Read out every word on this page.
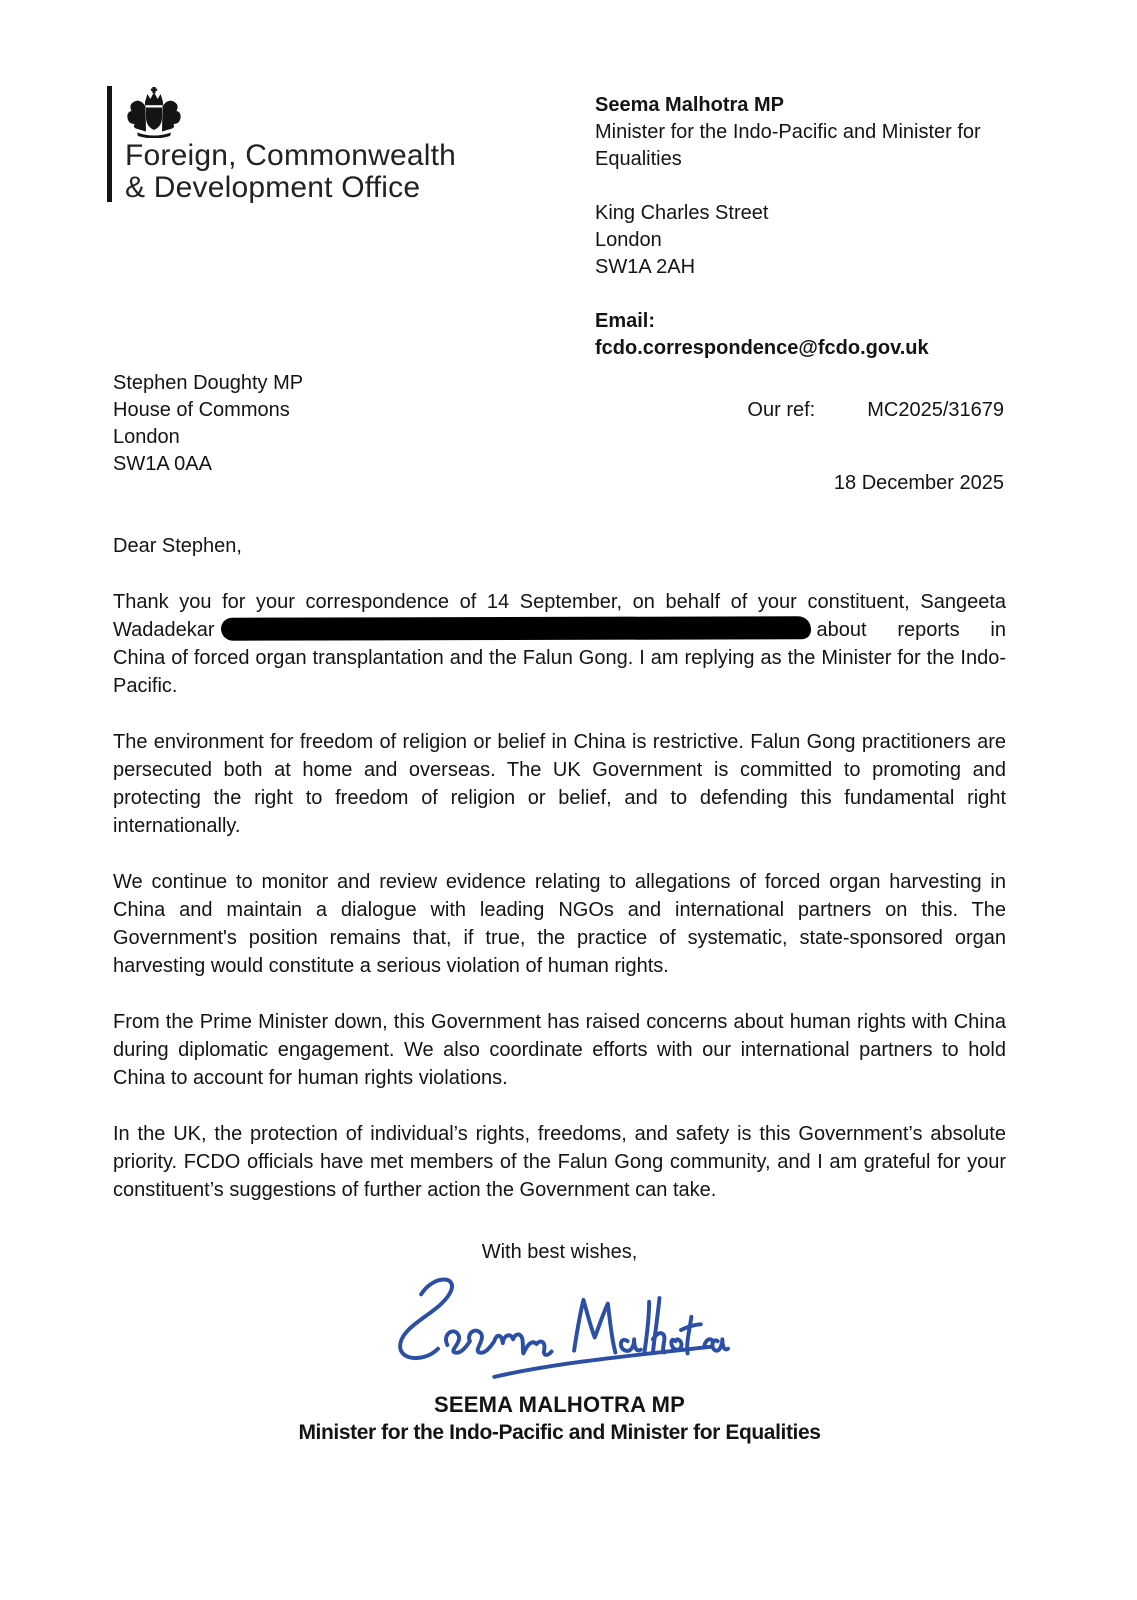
Foreign, Commonwealth
& Development Office
Seema Malhotra MP
Minister for the Indo-Pacific and Minister for Equalities
King Charles Street
London
SW1A 2AH
Email:
fcdo.correspondence@fcdo.gov.uk
Stephen Doughty MP
House of Commons
London
SW1A 0AA
Our ref:	MC2025/31679
18 December 2025
Dear Stephen,

Thank you for your correspondence of 14 September, on behalf of your constituent, Sangeeta Wadadekar	about reports in China of forced organ transplantation and the Falun Gong. I am replying as the Minister for the Indo-Pacific.

The environment for freedom of religion or belief in China is restrictive. Falun Gong practitioners are persecuted both at home and overseas. The UK Government is committed to promoting and protecting the right to freedom of religion or belief, and to defending this fundamental right internationally.

We continue to monitor and review evidence relating to allegations of forced organ harvesting in China and maintain a dialogue with leading NGOs and international partners on this. The Government's position remains that, if true, the practice of systematic, state-sponsored organ harvesting would constitute a serious violation of human rights.

From the Prime Minister down, this Government has raised concerns about human rights with China during diplomatic engagement. We also coordinate efforts with our international partners to hold China to account for human rights violations.

In the UK, the protection of individual’s rights, freedoms, and safety is this Government’s absolute priority. FCDO officials have met members of the Falun Gong community, and I am grateful for your constituent’s suggestions of further action the Government can take.

With best wishes,

SEEMA MALHOTRA MP
Minister for the Indo-Pacific and Minister for Equalities
